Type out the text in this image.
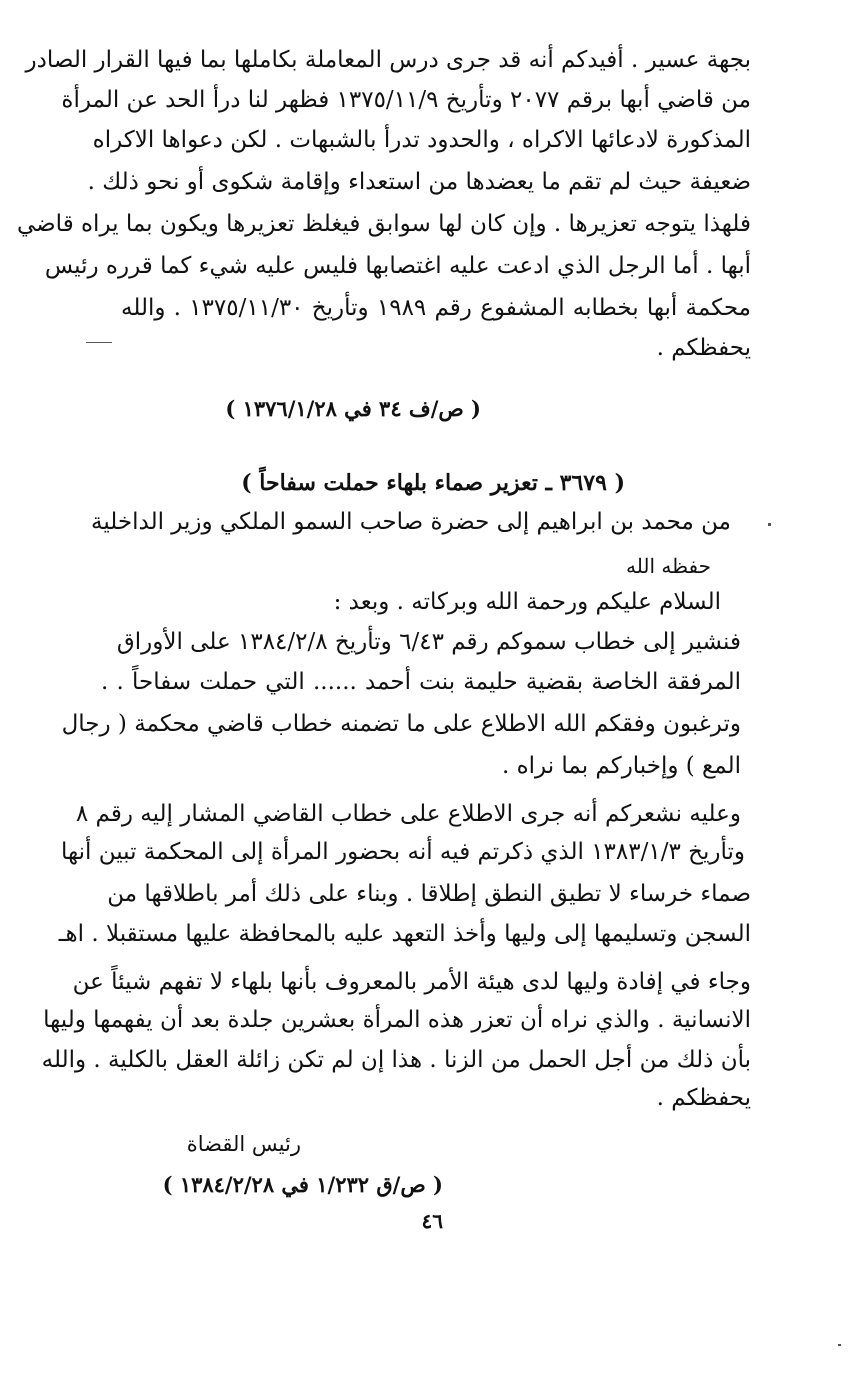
بجهة عسير . أفيدكم أنه قد جرى درس المعاملة بكاملها بما فيها القرار الصادر
من قاضي أبها برقم ٢٠٧٧ وتأريخ ١٣٧٥/١١/٩ فظهر لنا درأ الحد عن المرأة
المذكورة لادعائها الاكراه ، والحدود تدرأ بالشبهات . لكن دعواها الاكراه
ضعيفة حيث لم تقم ما يعضدها من استعداء وإقامة شكوى أو نحو ذلك .
فلهذا يتوجه تعزيرها . وإن كان لها سوابق فيغلظ تعزيرها ويكون بما يراه قاضي
أبها . أما الرجل الذي ادعت عليه اغتصابها فليس عليه شيء كما قرره رئيس
محكمة أبها بخطابه المشفوع رقم ١٩٨٩ وتأريخ ١٣٧٥/١١/٣٠ . والله
يحفظكم .
( ص/ف ٣٤ في ١٣٧٦/١/٢٨ )
( ٣٦٧٩ ـ تعزير صماء بلهاء حملت سفاحاً )
من محمد بن ابراهيم إلى حضرة صاحب السمو الملكي وزير الداخلية
حفظه الله
السلام عليكم ورحمة الله وبركاته . وبعد :
فنشير إلى خطاب سموكم رقم ٦/٤٣ وتأريخ ١٣٨٤/٢/٨ على الأوراق
المرفقة الخاصة بقضية حليمة بنت أحمد ...... التي حملت سفاحاً . .
وترغبون وفقكم الله الاطلاع على ما تضمنه خطاب قاضي محكمة ( رجال
المع ) وإخباركم بما نراه .
وعليه نشعركم أنه جرى الاطلاع على خطاب القاضي المشار إليه رقم ٨
وتأريخ ١٣٨٣/١/٣ الذي ذكرتم فيه أنه بحضور المرأة إلى المحكمة تبين أنها
صماء خرساء لا تطيق النطق إطلاقا . وبناء على ذلك أمر باطلاقها من
السجن وتسليمها إلى وليها وأخذ التعهد عليه بالمحافظة عليها مستقبلا . اهـ
وجاء في إفادة وليها لدى هيئة الأمر بالمعروف بأنها بلهاء لا تفهم شيئاً عن
الانسانية . والذي نراه أن تعزر هذه المرأة بعشرين جلدة بعد أن يفهمها وليها
بأن ذلك من أجل الحمل من الزنا . هذا إن لم تكن زائلة العقل بالكلية . والله
يحفظكم .
رئيس القضاة
( ص/ق ١/٢٣٢ في ١٣٨٤/٢/٢٨ )
٤٦
